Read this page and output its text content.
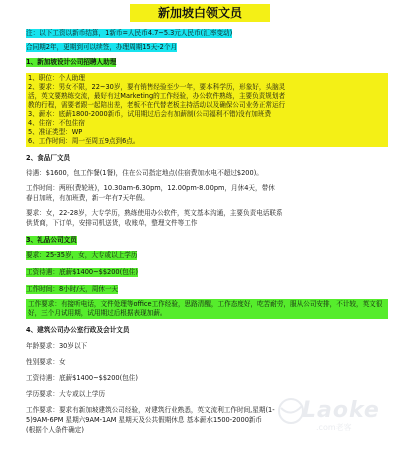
新加坡白领文员
注：以下工资以新币结算，1新币=人民币4.7~5.3元人民币(汇率变动)
合同期2年，更期到可以续签，办理周期15天-2个月
1、新加坡设计公司招聘人助理
1、职位：个人助理
2、要求：男女不限，22~30岁，要有销售经验至少一年，要本科学历，形象好，头脑灵
活，英文要熟练交流，最好有过Marketing的工作经验，办公软件熟练，主要负责规划者
教的行程，需要者跟一起陪出差，老板不在代替老板主持活动以及确保公司业务正常运行
3、薪水：底薪1800-2000新币，试用期过后会有加薪制(公司福利不错)没有加班费
4、住宿：不包住宿
5、准证类型：WP
6、工作时间：周一至周五9点到6点。
2、食品厂文员
待遇：$1600，包工作餐(1餐)，住在公司指定地点(住宿费加水电不超过$200)。
工作时间：两班(费轮班)，10.30am-6.30pm，12.00pm-8.00pm，月休4天，带休
春日加班，有加班费，新一年有7天年假。
要求：女，22-28岁，大专学历，熟练使用办公软件，英文基本沟通，主要负责电话联系
供货商，下订单，安排司机送货，收账单，整理文件等工作
3、礼品公司文员
要求：25-35岁，女，大专或以上学历
工资待遇：底薪$1400~$$200(包住)
工作时间：8小时/天，周休一天
工作要求：有接听电话，文件处理等office工作经验，思路清醒，工作态度好，吃苦耐劳，服从公司安排，不计较，英文很好，三个月试用期，试用期过后根据表现加薪。
4、建筑公司办公室行政及会计文员
年龄要求：30岁以下
性别要求：女
工资待遇：底薪$1400~$$200(包住)
学历要求：大专或以上学历
工作要求：要求有新加坡建筑公司经验，对建筑行业熟悉，英文流利工作时间,星期(1-
5)9AM-6PM 星期六9AM-1AM 星期天及公共假期休息 基本薪水1500-2000新币
(根据个人条件确定)
Laoke
.com老客
